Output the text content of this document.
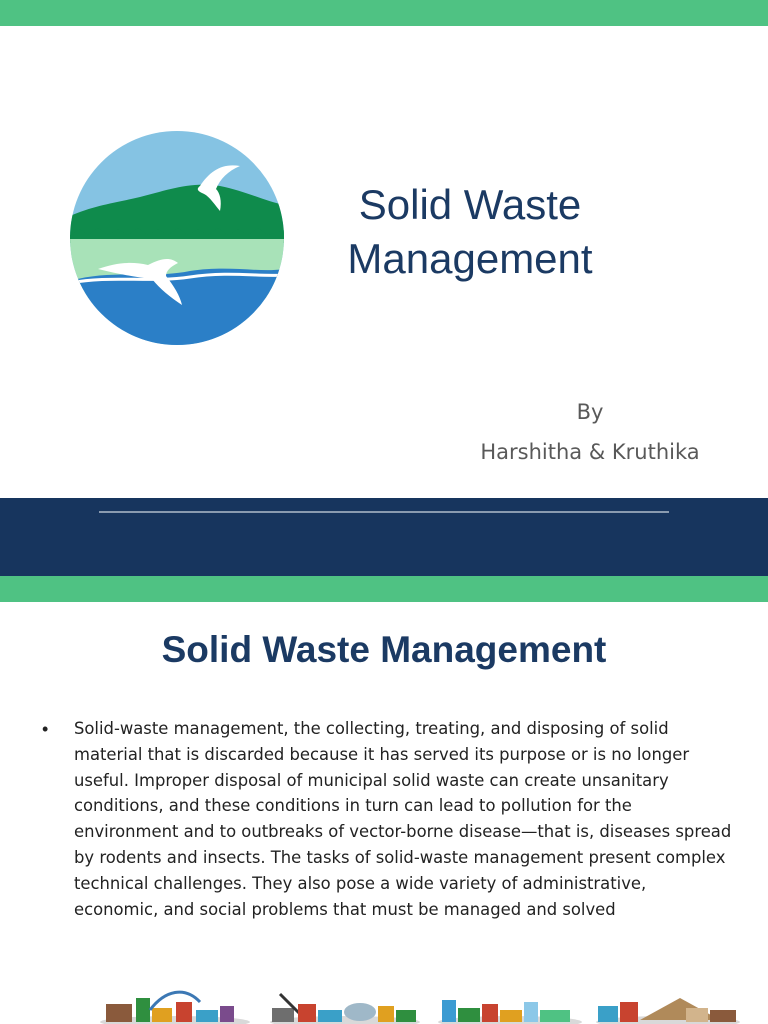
Solid Waste
Management
By
Harshitha & Kruthika
Solid Waste Management
• Solid-waste management, the collecting, treating, and disposing of solid material that is discarded because it has served its purpose or is no longer useful. Improper disposal of municipal solid waste can create unsanitary conditions, and these conditions in turn can lead to pollution for the environment and to outbreaks of vector-borne disease—that is, diseases spread by rodents and insects. The tasks of solid-waste management present complex technical challenges. They also pose a wide variety of administrative, economic, and social problems that must be managed and solved
